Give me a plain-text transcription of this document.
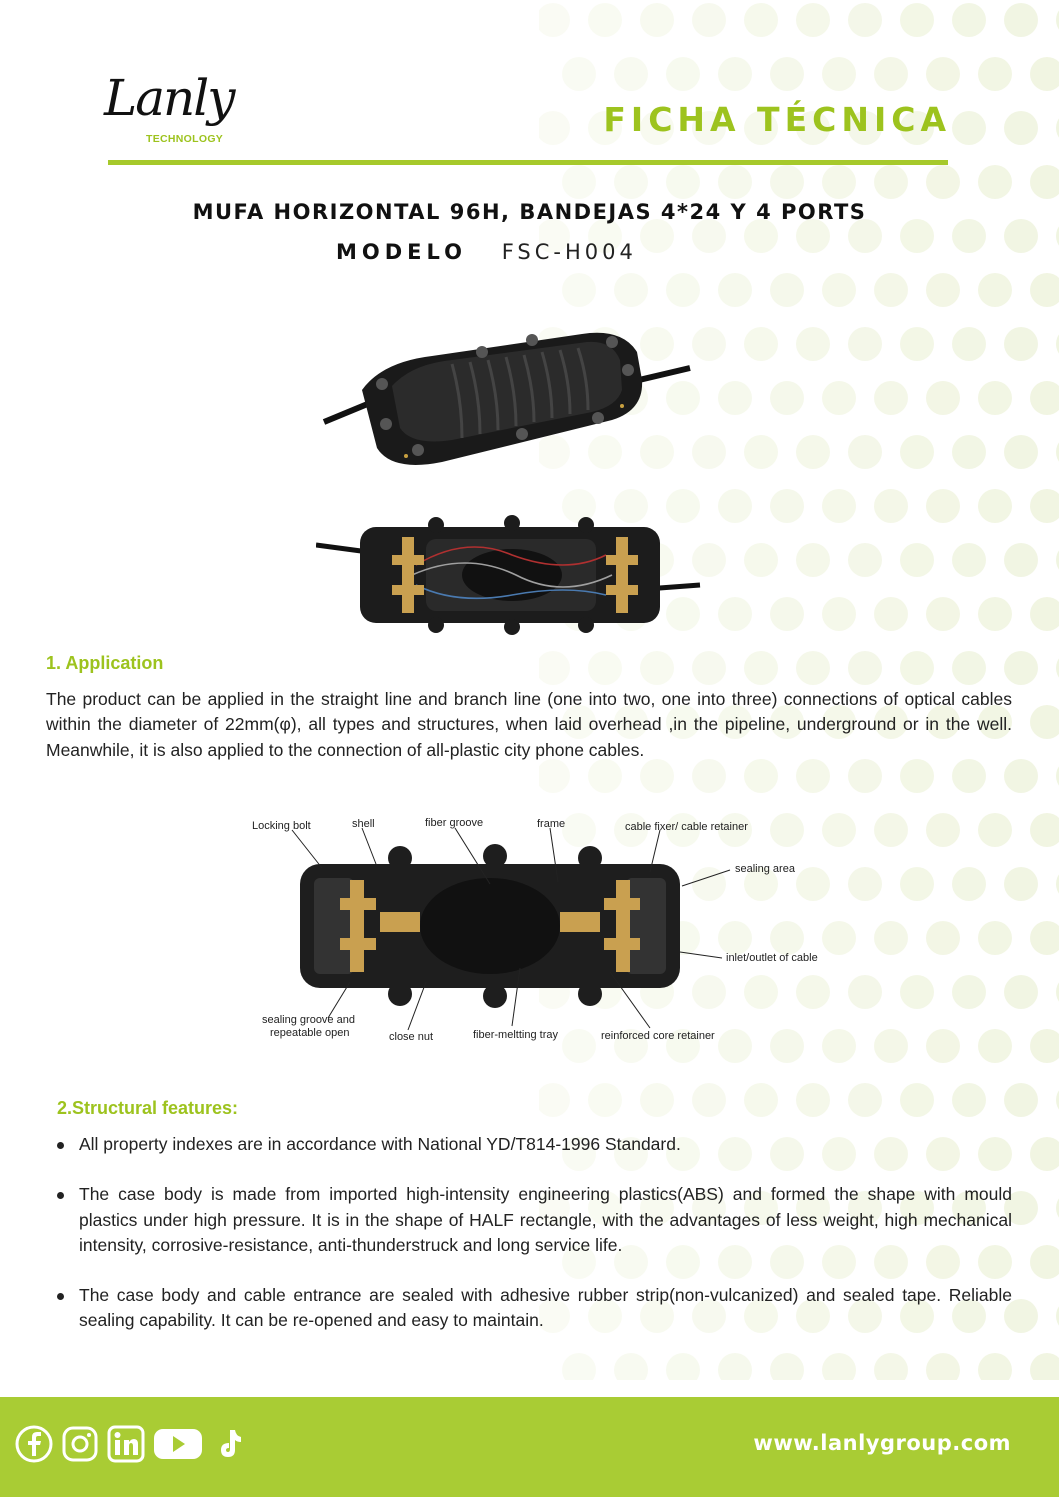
Lanly
TECHNOLOGY	FICHA TÉCNICA
MUFA HORIZONTAL 96H, BANDEJAS 4*24 Y 4 PORTS
MODELO FSC-H004
1. Application
The product can be applied in the straight line and branch line (one into two, one into three) connections of optical cables within the diameter of 22mm(φ), all types and structures, when laid overhead ,in the pipeline, underground or in the well. Meanwhile, it is also applied to the connection of all-plastic city phone cables.
Locking bolt	shell	fiber groove	frame	cable fixer/ cable retainer
sealing area
inlet/outlet of cable
sealing groove and
repeatable open	close nut	fiber-meltting tray	reinforced core retainer
2.Structural features:
All property indexes are in accordance with National YD/T814-1996 Standard.
The case body is made from imported high-intensity engineering plastics(ABS) and formed the shape with mould plastics under high pressure. It is in the shape of HALF rectangle, with the advantages of less weight, high mechanical intensity, corrosive-resistance, anti-thunderstruck and long service life.
The case body and cable entrance are sealed with adhesive rubber strip(non-vulcanized) and sealed tape. Reliable sealing capability. It can be re-opened and easy to maintain.
www.lanlygroup.com
